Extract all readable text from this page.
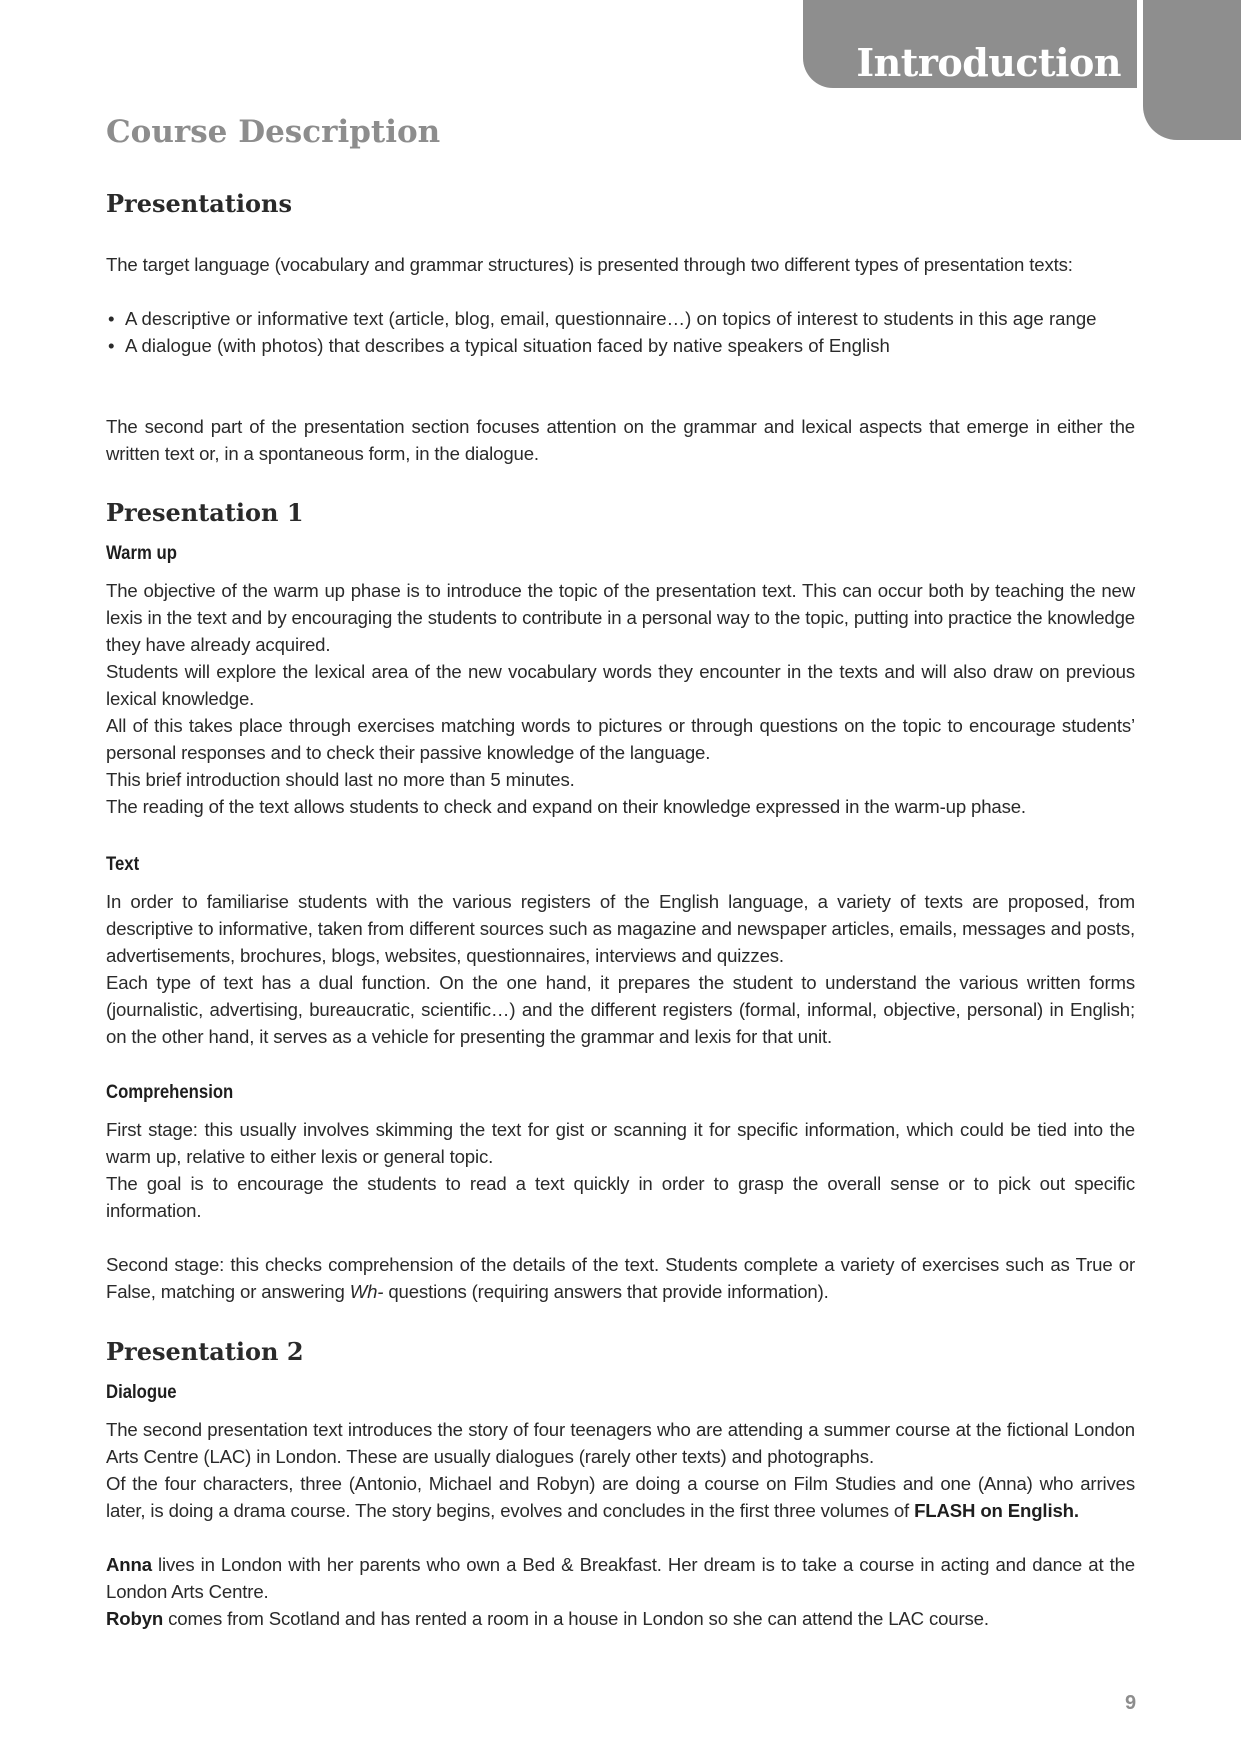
Introduction
Course Description
Presentations

The target language (vocabulary and grammar structures) is presented through two different types of presentation texts:

• A descriptive or informative text (article, blog, email, questionnaire…) on topics of interest to students in this age range
• A dialogue (with photos) that describes a typical situation faced by native speakers of English

The second part of the presentation section focuses attention on the grammar and lexical aspects that emerge in either the written text or, in a spontaneous form, in the dialogue.

Presentation 1
Warm up
The objective of the warm up phase is to introduce the topic of the presentation text. This can occur both by teaching the new lexis in the text and by encouraging the students to contribute in a personal way to the topic, putting into practice the knowledge they have already acquired.
Students will explore the lexical area of the new vocabulary words they encounter in the texts and will also draw on previous lexical knowledge.
All of this takes place through exercises matching words to pictures or through questions on the topic to encourage students’ personal responses and to check their passive knowledge of the language.
This brief introduction should last no more than 5 minutes.
The reading of the text allows students to check and expand on their knowledge expressed in the warm-up phase.
Text
In order to familiarise students with the various registers of the English language, a variety of texts are proposed, from descriptive to informative, taken from different sources such as magazine and newspaper articles, emails, messages and posts, advertisements, brochures, blogs, websites, questionnaires, interviews and quizzes.
Each type of text has a dual function. On the one hand, it prepares the student to understand the various written forms (journalistic, advertising, bureaucratic, scientific…) and the different registers (formal, informal, objective, personal) in English; on the other hand, it serves as a vehicle for presenting the grammar and lexis for that unit.
Comprehension
First stage: this usually involves skimming the text for gist or scanning it for specific information, which could be tied into the warm up, relative to either lexis or general topic.
The goal is to encourage the students to read a text quickly in order to grasp the overall sense or to pick out specific information.

Second stage: this checks comprehension of the details of the text. Students complete a variety of exercises such as True or False, matching or answering Wh- questions (requiring answers that provide information).

Presentation 2
Dialogue
The second presentation text introduces the story of four teenagers who are attending a summer course at the fictional London Arts Centre (LAC) in London. These are usually dialogues (rarely other texts) and photographs.
Of the four characters, three (Antonio, Michael and Robyn) are doing a course on Film Studies and one (Anna) who arrives later, is doing a drama course. The story begins, evolves and concludes in the first three volumes of FLASH on English.
Anna lives in London with her parents who own a Bed & Breakfast. Her dream is to take a course in acting and dance at the London Arts Centre.
Robyn comes from Scotland and has rented a room in a house in London so she can attend the LAC course.
9
